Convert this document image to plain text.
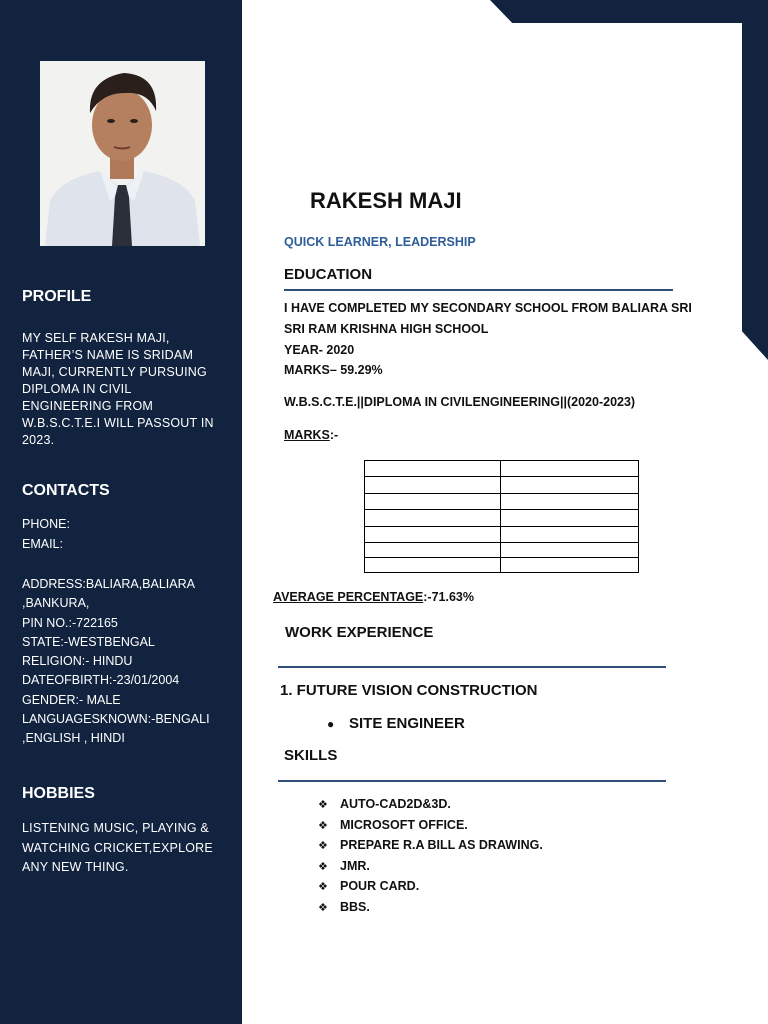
PROFILE

MY SELF RAKESH MAJI, FATHER’S NAME IS SRIDAM MAJI, CURRENTLY PURSUING DIPLOMA IN CIVIL ENGINEERING FROM W.B.S.C.T.E.I WILL PASSOUT IN 2023.

CONTACTS

PHONE:

EMAIL:

ADDRESS:BALIARA,BALIARA

,BANKURA,

PIN NO.:-722165

STATE:-WESTBENGAL

RELIGION:- HINDU

DATEOFBIRTH:-23/01/2004

GENDER:- MALE

LANGUAGESKNOWN:-BENGALI

,ENGLISH , HINDI

HOBBIES

LISTENING MUSIC, PLAYING & WATCHING CRICKET,EXPLORE ANY NEW THING.

RAKESH MAJI

QUICK LEARNER, LEADERSHIP

EDUCATION

I HAVE COMPLETED MY SECONDARY SCHOOL FROM BALIARA SRI

SRI RAM KRISHNA HIGH SCHOOL

YEAR- 2020

MARKS– 59.29%

W.B.S.C.T.E.||DIPLOMA IN CIVILENGINEERING||(2020-2023)

MARKS:-

AVERAGE PERCENTAGE:-71.63%

WORK EXPERIENCE

1. FUTURE VISION CONSTRUCTION

● SITE ENGINEER

SKILLS

❖ AUTO-CAD2D&3D.
❖ MICROSOFT OFFICE.
❖ PREPARE R.A BILL AS DRAWING.
❖ JMR.
❖ POUR CARD.
❖ BBS.
